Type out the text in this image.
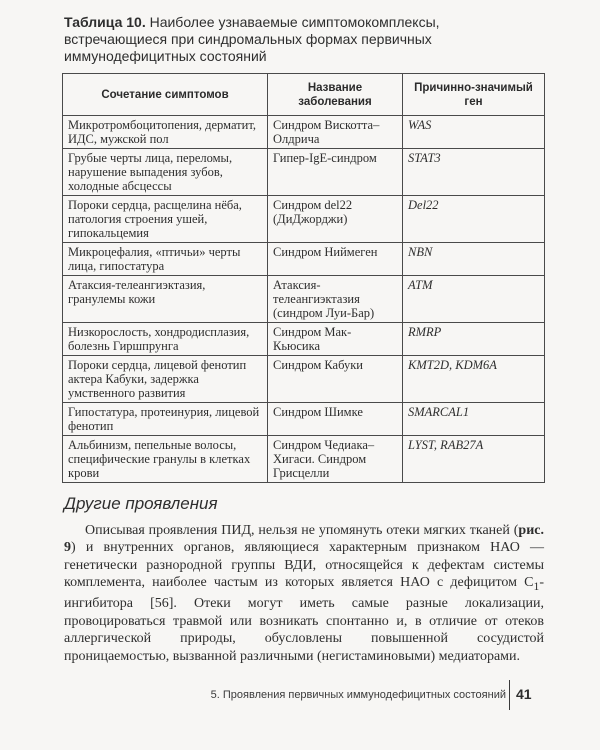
Таблица 10. Наиболее узнаваемые симптомокомплексы, встречающиеся при синдромальных формах первичных иммунодефицитных состояний
Сочетание симптомов	Название заболевания	Причинно-значимый ген
Микротромбоцитопения, дерматит, ИДС, мужской пол	Синдром Вискотта–Олдрича	WAS
Грубые черты лица, переломы, нарушение выпадения зубов, холодные абсцессы	Гипер-IgE-синдром	STAT3
Пороки сердца, расщелина нёба, патология строения ушей, гипокальцемия	Синдром del22 (ДиДжорджи)	Del22
Микроцефалия, «птичьи» черты лица, гипостатура	Синдром Ниймеген	NBN
Атаксия-телеангиэктазия, гранулемы кожи	Атаксия-телеангиэктазия (синдром Луи-Бар)	ATM
Низкорослость, хондродисплазия, болезнь Гиршпрунга	Синдром Мак-Кьюсика	RMRP
Пороки сердца, лицевой фенотип актера Кабуки, задержка умственного развития	Синдром Кабуки	KMT2D, KDM6A
Гипостатура, протеинурия, лицевой фенотип	Синдром Шимке	SMARCAL1
Альбинизм, пепельные волосы, специфические гранулы в клетках крови	Синдром Чедиака–Хигаси. Синдром Грисцелли	LYST, RAB27A
Другие проявления
Описывая проявления ПИД, нельзя не упомянуть отеки мягких тканей (рис. 9) и внутренних органов, являющиеся характерным признаком НАО — генетически разнородной группы ВДИ, относящейся к дефектам системы комплемента, наиболее частым из которых является НАО с дефицитом $C_1$-ингибитора [56]. Отеки могут иметь самые разные локализации, провоцироваться травмой или возникать спонтанно и, в отличие от отеков аллергической природы, обусловлены повышенной сосудистой проницаемостью, вызванной различными (негистаминовыми) медиаторами.
5. Проявления первичных иммунодефицитных состояний 41
